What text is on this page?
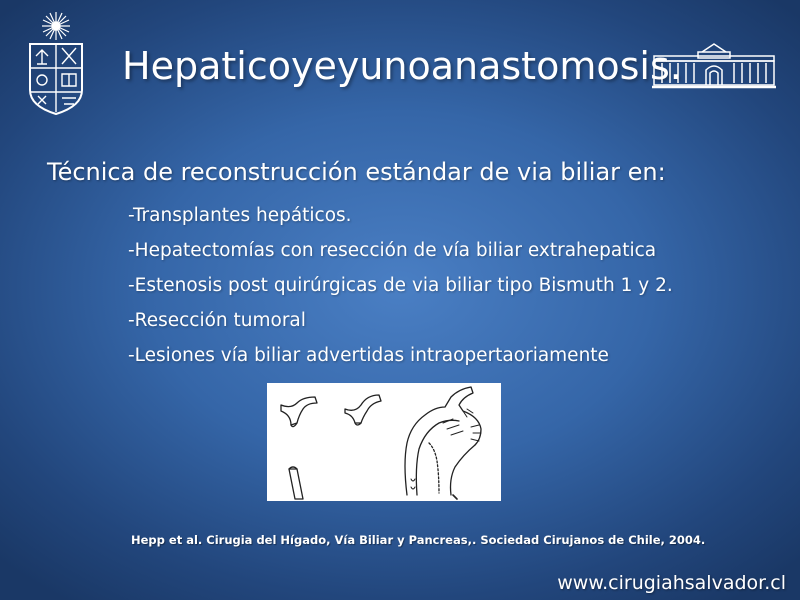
Hepaticoyeyunoanastomosis.
Técnica de reconstrucción estándar de via biliar en:
-Transplantes hepáticos.
-Hepatectomías con resección de vía biliar extrahepatica
-Estenosis post quirúrgicas de via biliar tipo Bismuth 1 y 2.
-Resección tumoral
-Lesiones vía biliar advertidas intraopertaoriamente
Hepp et al. Cirugia del Hígado, Vía Biliar y Pancreas,. Sociedad Cirujanos de Chile, 2004.
www.cirugiahsalvador.cl
